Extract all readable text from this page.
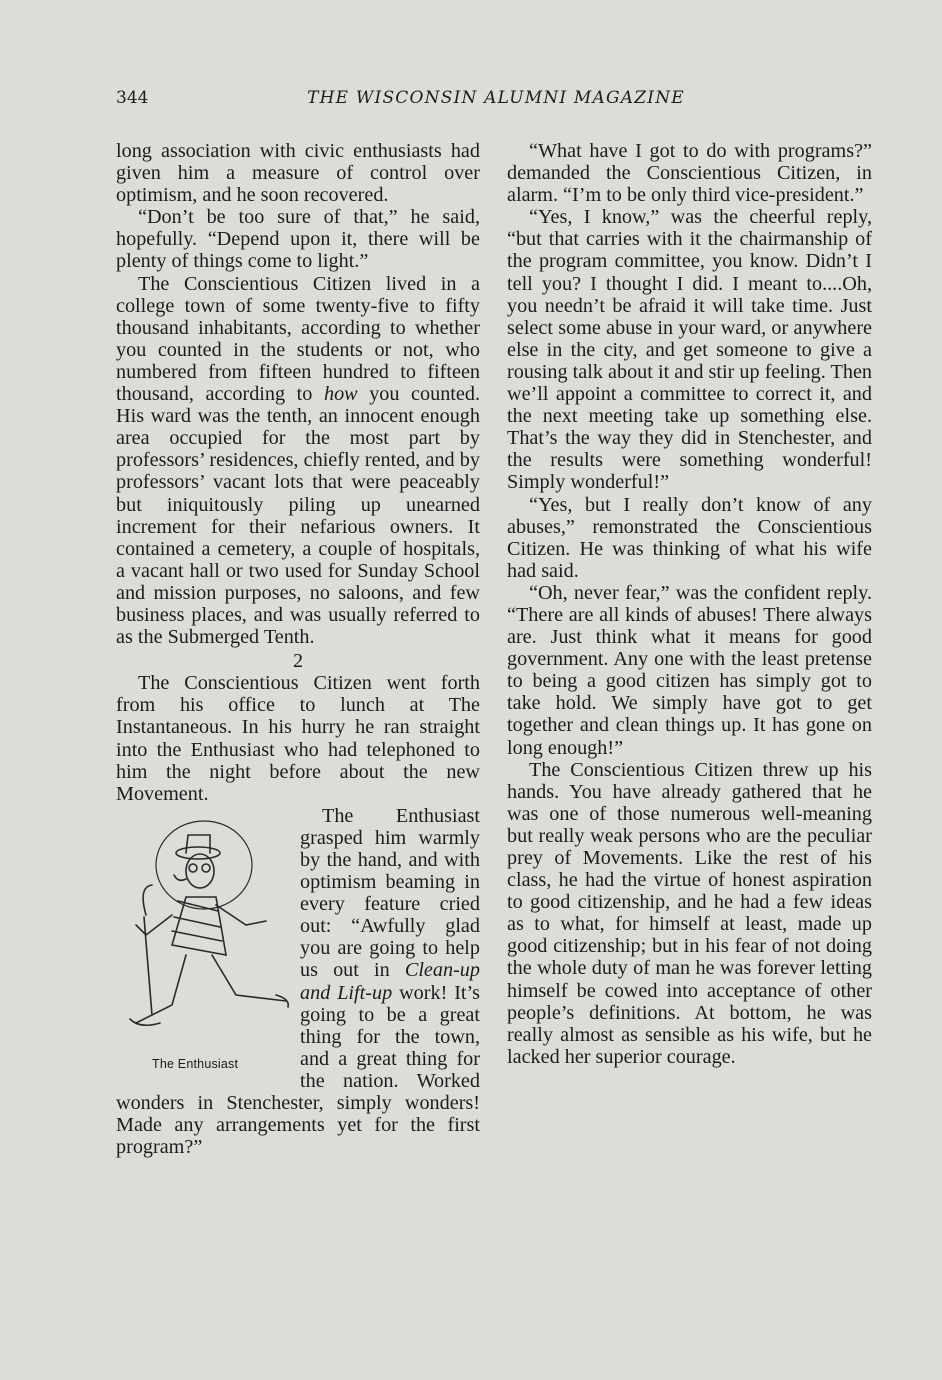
344	THE WISCONSIN ALUMNI MAGAZINE

long association with civic enthusiasts had given him a measure of control over optimism, and he soon recovered.

“Don’t be too sure of that,” he said, hopefully. “Depend upon it, there will be plenty of things come to light.”

The Conscientious Citizen lived in a college town of some twenty-five to fifty thousand inhabitants, according to whether you counted in the students or not, who numbered from fifteen hundred to fifteen thousand, according to how you counted. His ward was the tenth, an innocent enough area occupied for the most part by professors’ residences, chiefly rented, and by professors’ vacant lots that were peaceably but iniquitously piling up unearned increment for their nefarious owners. It contained a cemetery, a couple of hospitals, a vacant hall or two used for Sunday School and mission purposes, no saloons, and few business places, and was usually referred to as the Submerged Tenth.

2

The Conscientious Citizen went forth from his office to lunch at The Instantaneous. In his hurry he ran straight into the Enthusiast who had telephoned to him the night before about the new Movement.

The Enthusiast

The Enthusiast grasped him warmly by the hand, and with optimism beaming in every feature cried out: “Awfully glad you are going to help us out in Clean-up and Lift-up work! It’s going to be a great thing for the town, and a great thing for the nation. Worked wonders in Stenchester, simply wonders! Made any arrangements yet for the first program?”

“What have I got to do with programs?” demanded the Conscientious Citizen, in alarm. “I’m to be only third vice-president.”

“Yes, I know,” was the cheerful reply, “but that carries with it the chairmanship of the program committee, you know. Didn’t I tell you? I thought I did. I meant to....Oh, you needn’t be afraid it will take time. Just select some abuse in your ward, or anywhere else in the city, and get someone to give a rousing talk about it and stir up feeling. Then we’ll appoint a committee to correct it, and the next meeting take up something else. That’s the way they did in Stenchester, and the results were something wonderful! Simply wonderful!”

“Yes, but I really don’t know of any abuses,” remonstrated the Conscientious Citizen. He was thinking of what his wife had said.

“Oh, never fear,” was the confident reply. “There are all kinds of abuses! There always are. Just think what it means for good government. Any one with the least pretense to being a good citizen has simply got to take hold. We simply have got to get together and clean things up. It has gone on long enough!”

The Conscientious Citizen threw up his hands. You have already gathered that he was one of those numerous well-meaning but really weak persons who are the peculiar prey of Movements. Like the rest of his class, he had the virtue of honest aspiration to good citizenship, and he had a few ideas as to what, for himself at least, made up good citizenship; but in his fear of not doing the whole duty of man he was forever letting himself be cowed into acceptance of other people’s definitions. At bottom, he was really almost as sensible as his wife, but he lacked her superior courage.
